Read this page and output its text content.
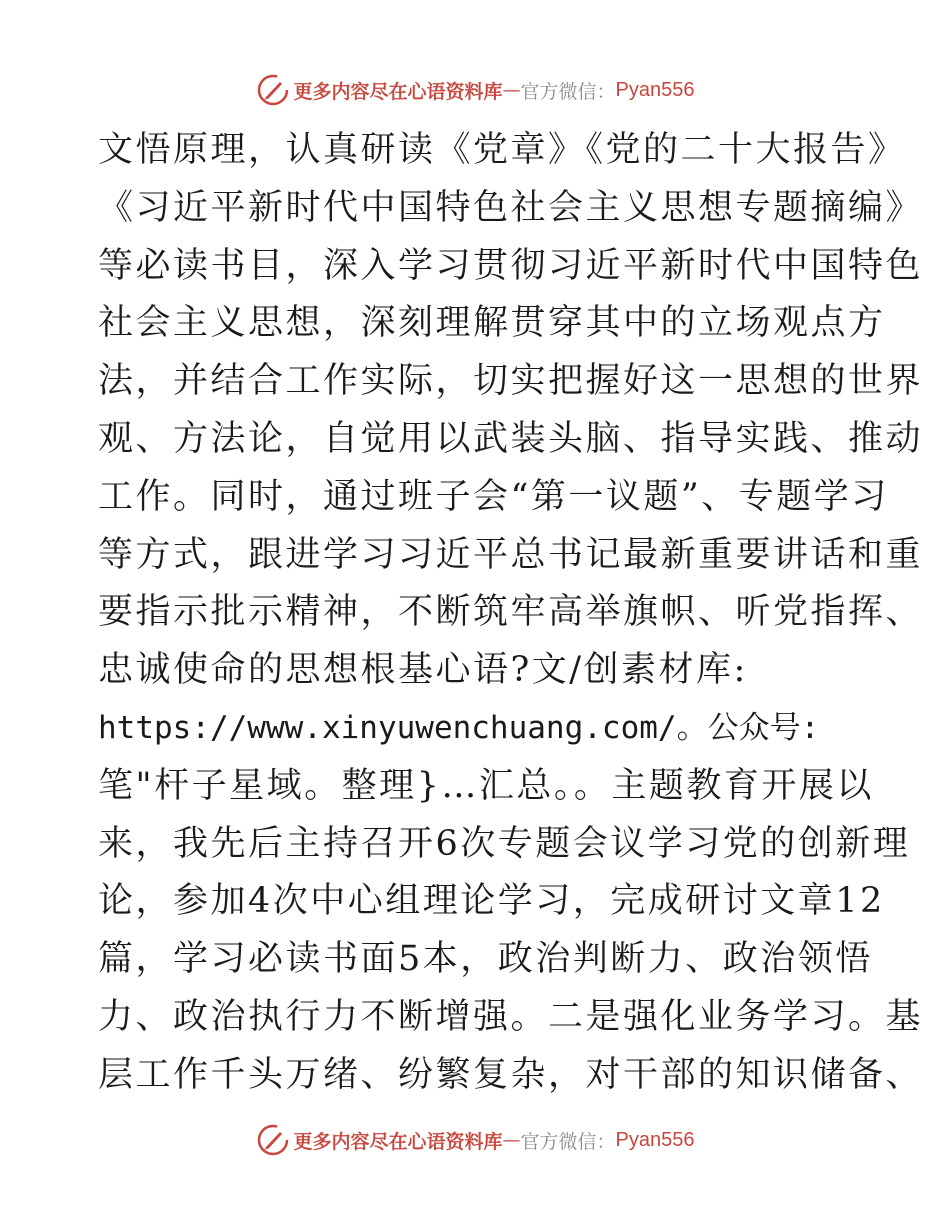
更多内容尽在心语资料库 — 官方微信： Pyan556
文悟原理，认真研读《党章》《党的二十大报告》
《习近平新时代中国特色社会主义思想专题摘编》
等必读书目，深入学习贯彻习近平新时代中国特色
社会主义思想，深刻理解贯穿其中的立场观点方
法，并结合工作实际，切实把握好这一思想的世界
观、方法论，自觉用以武装头脑、指导实践、推动
工作。同时，通过班子会“第一议题”、专题学习
等方式，跟进学习习近平总书记最新重要讲话和重
要指示批示精神，不断筑牢高举旗帜、听党指挥、
忠诚使命的思想根基心语?文/创素材库:
https://www.xinyuwenchuang.com/。公众号:
笔"杆子星域。整理}…汇总。。主题教育开展以
来，我先后主持召开6次专题会议学习党的创新理
论，参加4次中心组理论学习，完成研讨文章12
篇，学习必读书面5本，政治判断力、政治领悟
力、政治执行力不断增强。二是强化业务学习。基
层工作千头万绪、纷繁复杂，对干部的知识储备、
更多内容尽在心语资料库 — 官方微信： Pyan556
